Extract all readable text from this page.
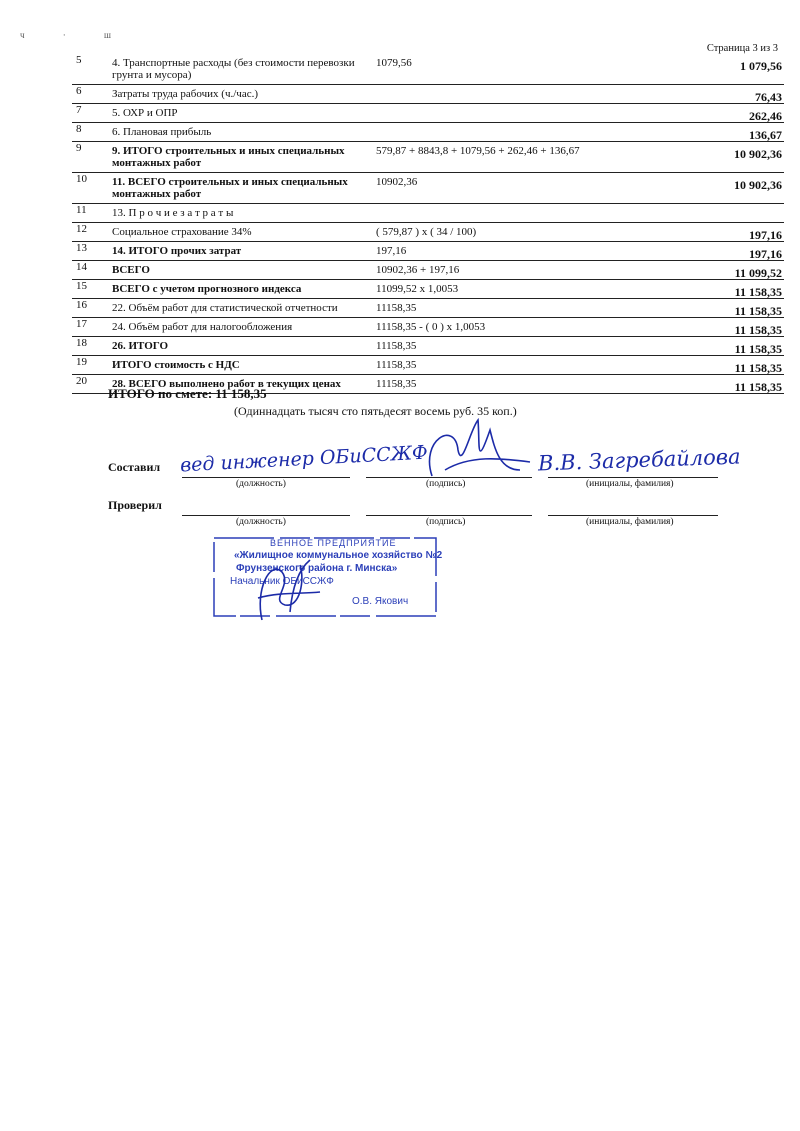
ч · ш
Страница 3 из 3
5	4. Транспортные расходы (без стоимости перевозки грунта и мусора)	1079,56	1 079,56
6	Затраты труда рабочих (ч./час.)		76,43
7	5. ОХР и ОПР		262,46
8	6. Плановая прибыль		136,67
9	9. ИТОГО строительных и иных специальных монтажных работ	579,87 + 8843,8 + 1079,56 + 262,46 + 136,67	10 902,36
10	11. ВСЕГО строительных и иных специальных монтажных работ	10902,36	10 902,36
11	13. П р о ч и е з а т р а т ы		
12	Социальное страхование 34%	( 579,87 ) x ( 34 / 100)	197,16
13	14. ИТОГО прочих затрат	197,16	197,16
14	ВСЕГО	10902,36 + 197,16	11 099,52
15	ВСЕГО с учетом прогнозного индекса	11099,52 x 1,0053	11 158,35
16	22. Объём работ для статистической отчетности	11158,35	11 158,35
17	24. Объём работ для налогообложения	11158,35 - ( 0 ) x 1,0053	11 158,35
18	26. ИТОГО	11158,35	11 158,35
19	ИТОГО стоимость с НДС	11158,35	11 158,35
20	28. ВСЕГО выполнено работ в текущих ценах	11158,35	11 158,35
ИТОГО по смете: 11 158,35
(Одиннадцать тысяч сто пятьдесят восемь руб. 35 коп.)
Составил
(должность)	(подпись)	(инициалы, фамилия)
вед инженер ОБиССЖФ	В.В. Загребайлова
Проверил
(должность)	(подпись)	(инициалы, фамилия)
ВЕННОЕ ПРЕДПРИЯТИЕ
«Жилищное коммунальное хозяйство №2
Фрунзенского района г. Минска»
Начальник ОБиССЖФ
О.В. Якович
